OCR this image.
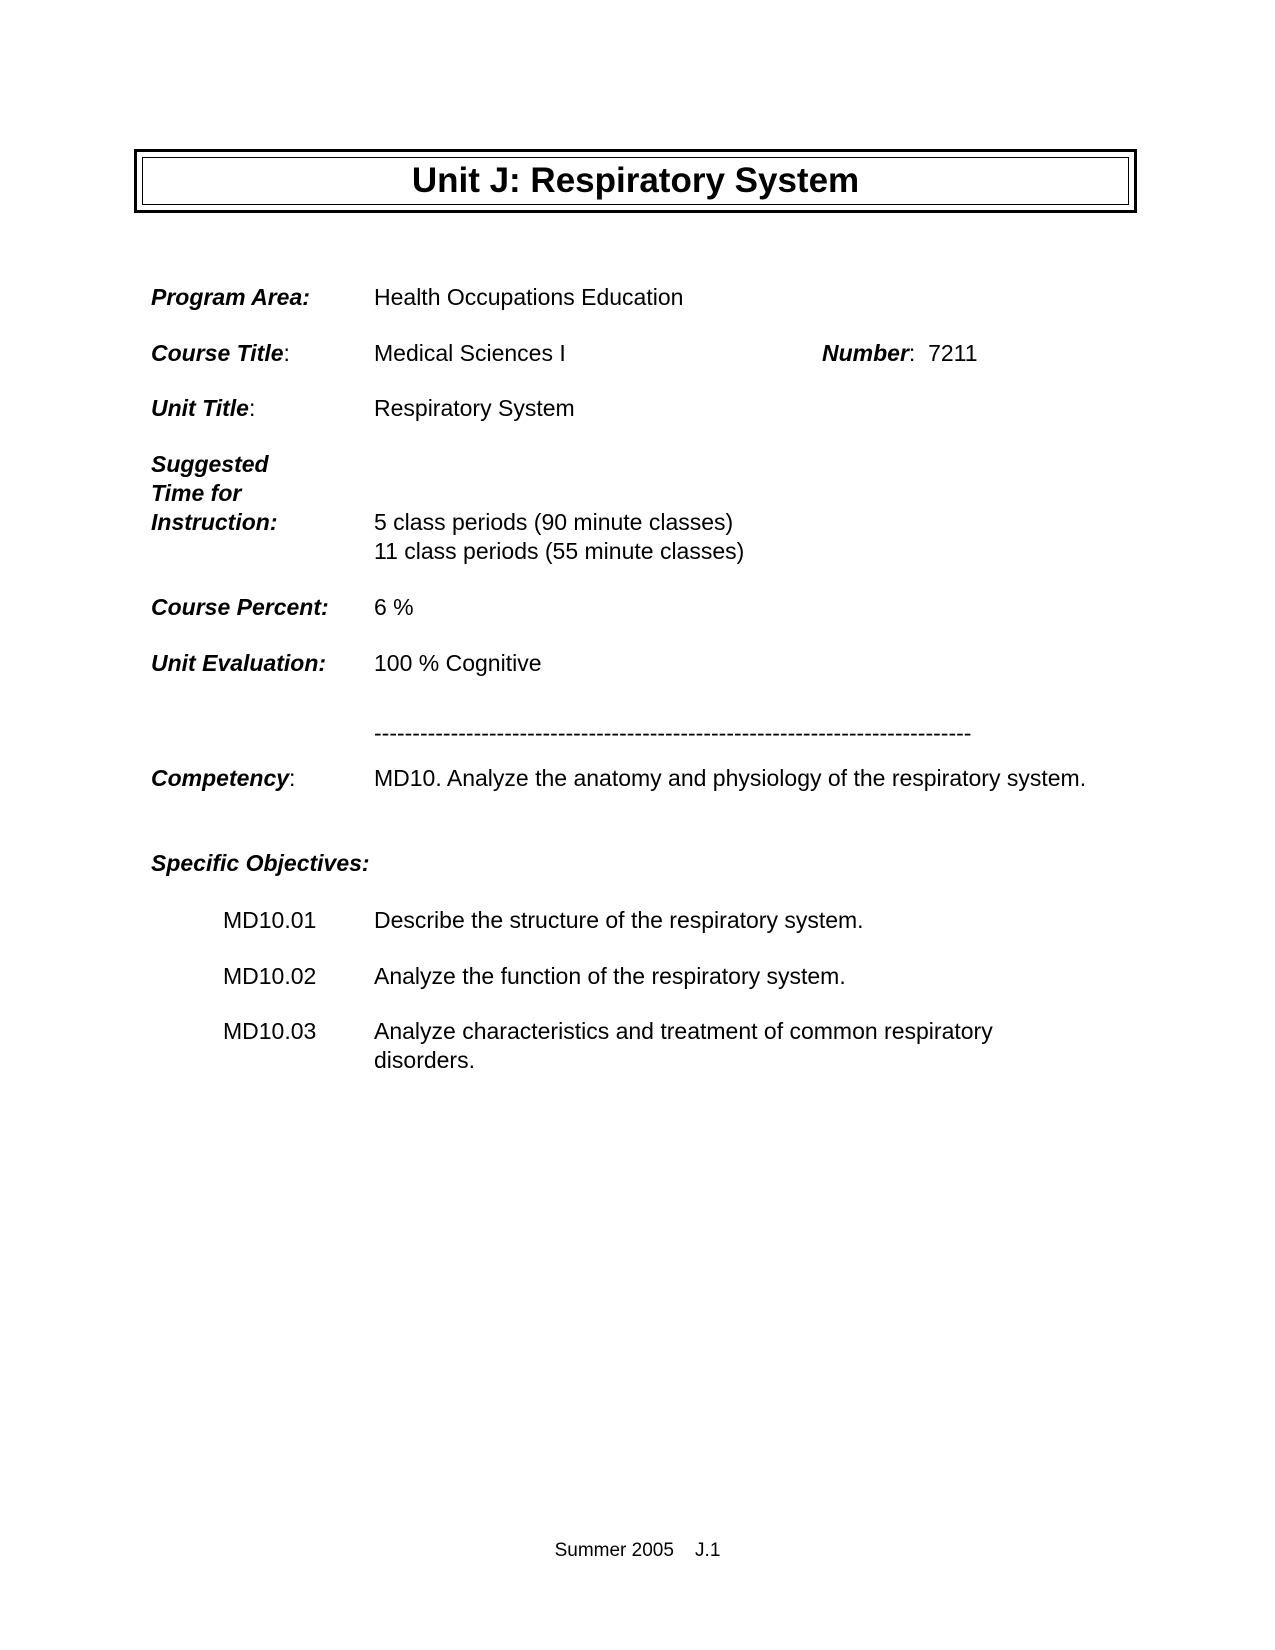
Unit J: Respiratory System
Program Area:	Health Occupations Education
Course Title:	Medical Sciences I	Number: 7211
Unit Title:	Respiratory System
Suggested
Time for
Instruction:	5 class periods (90 minute classes)
11 class periods (55 minute classes)
Course Percent: 6 %
Unit Evaluation: 100 % Cognitive
------------------------------------------------------------------------------
Competency:	MD10. Analyze the anatomy and physiology of the respiratory system.
Specific Objectives:
MD10.01	Describe the structure of the respiratory system.
MD10.02	Analyze the function of the respiratory system.
MD10.03	Analyze characteristics and treatment of common respiratory disorders.
Summer 2005    J.1
